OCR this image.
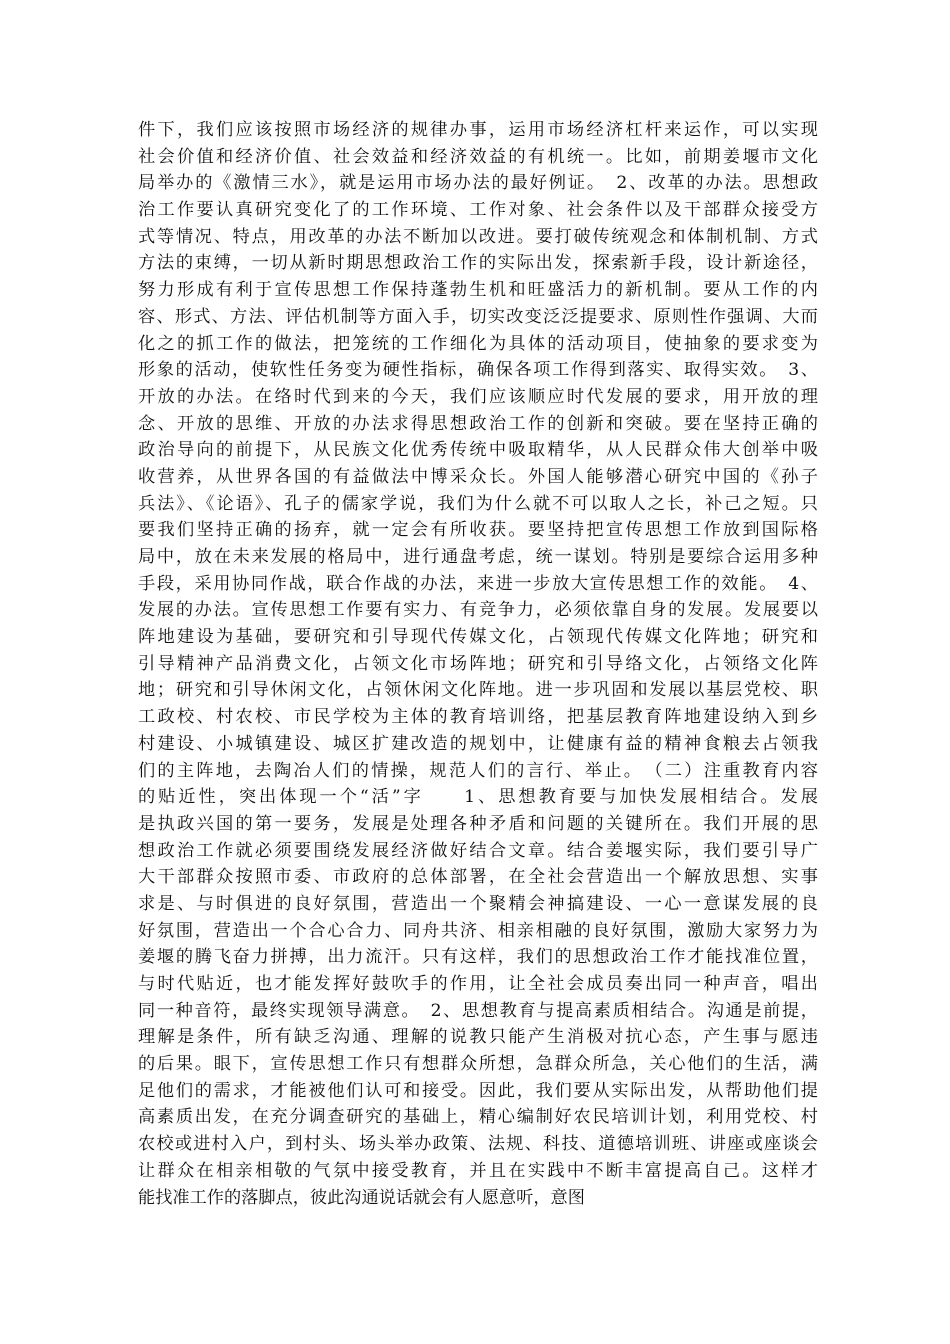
件下，我们应该按照市场经济的规律办事，运用市场经济杠杆来运作，可以实现
社会价值和经济价值、社会效益和经济效益的有机统一。比如，前期姜堰市文化
局举办的《激情三水》，就是运用市场办法的最好例证。　2、改革的办法。思想政
治工作要认真研究变化了的工作环境、工作对象、社会条件以及干部群众接受方
式等情况、特点，用改革的办法不断加以改进。要打破传统观念和体制机制、方式
方法的束缚，一切从新时期思想政治工作的实际出发，探索新手段，设计新途径，
努力形成有利于宣传思想工作保持蓬勃生机和旺盛活力的新机制。要从工作的内
容、形式、方法、评估机制等方面入手，切实改变泛泛提要求、原则性作强调、大而
化之的抓工作的做法，把笼统的工作细化为具体的活动项目，使抽象的要求变为
形象的活动，使软性任务变为硬性指标，确保各项工作得到落实、取得实效。　3、
开放的办法。在络时代到来的今天，我们应该顺应时代发展的要求，用开放的理
念、开放的思维、开放的办法求得思想政治工作的创新和突破。要在坚持正确的
政治导向的前提下，从民族文化优秀传统中吸取精华，从人民群众伟大创举中吸
收营养，从世界各国的有益做法中博采众长。外国人能够潜心研究中国的《孙子
兵法》、《论语》、孔子的儒家学说，我们为什么就不可以取人之长，补己之短。只
要我们坚持正确的扬弃，就一定会有所收获。要坚持把宣传思想工作放到国际格
局中，放在未来发展的格局中，进行通盘考虑，统一谋划。特别是要综合运用多种
手段，采用协同作战，联合作战的办法，来进一步放大宣传思想工作的效能。　4、
发展的办法。宣传思想工作要有实力、有竞争力，必须依靠自身的发展。发展要以
阵地建设为基础，要研究和引导现代传媒文化，占领现代传媒文化阵地；研究和
引导精神产品消费文化，占领文化市场阵地；研究和引导络文化，占领络文化阵
地；研究和引导休闲文化，占领休闲文化阵地。进一步巩固和发展以基层党校、职
工政校、村农校、市民学校为主体的教育培训络，把基层教育阵地建设纳入到乡
村建设、小城镇建设、城区扩建改造的规划中，让健康有益的精神食粮去占领我
们的主阵地，去陶冶人们的情操，规范人们的言行、举止。　（二）注重教育内容
的贴近性，突出体现一个“活”字　　1、思想教育要与加快发展相结合。发展
是执政兴国的第一要务，发展是处理各种矛盾和问题的关键所在。我们开展的思
想政治工作就必须要围绕发展经济做好结合文章。结合姜堰实际，我们要引导广
大干部群众按照市委、市政府的总体部署，在全社会营造出一个解放思想、实事
求是、与时俱进的良好氛围，营造出一个聚精会神搞建设、一心一意谋发展的良
好氛围，营造出一个合心合力、同舟共济、相亲相融的良好氛围，激励大家努力为
姜堰的腾飞奋力拼搏，出力流汗。只有这样，我们的思想政治工作才能找准位置，
与时代贴近，也才能发挥好鼓吹手的作用，让全社会成员奏出同一种声音，唱出
同一种音符，最终实现领导满意。　2、思想教育与提高素质相结合。沟通是前提，
理解是条件，所有缺乏沟通、理解的说教只能产生消极对抗心态，产生事与愿违
的后果。眼下，宣传思想工作只有想群众所想，急群众所急，关心他们的生活，满
足他们的需求，才能被他们认可和接受。因此，我们要从实际出发，从帮助他们提
高素质出发，在充分调查研究的基础上，精心编制好农民培训计划，利用党校、村
农校或进村入户，到村头、场头举办政策、法规、科技、道德培训班、讲座或座谈会
让群众在相亲相敬的气氛中接受教育，并且在实践中不断丰富提高自己。这样才
能找准工作的落脚点，彼此沟通说话就会有人愿意听，意图
